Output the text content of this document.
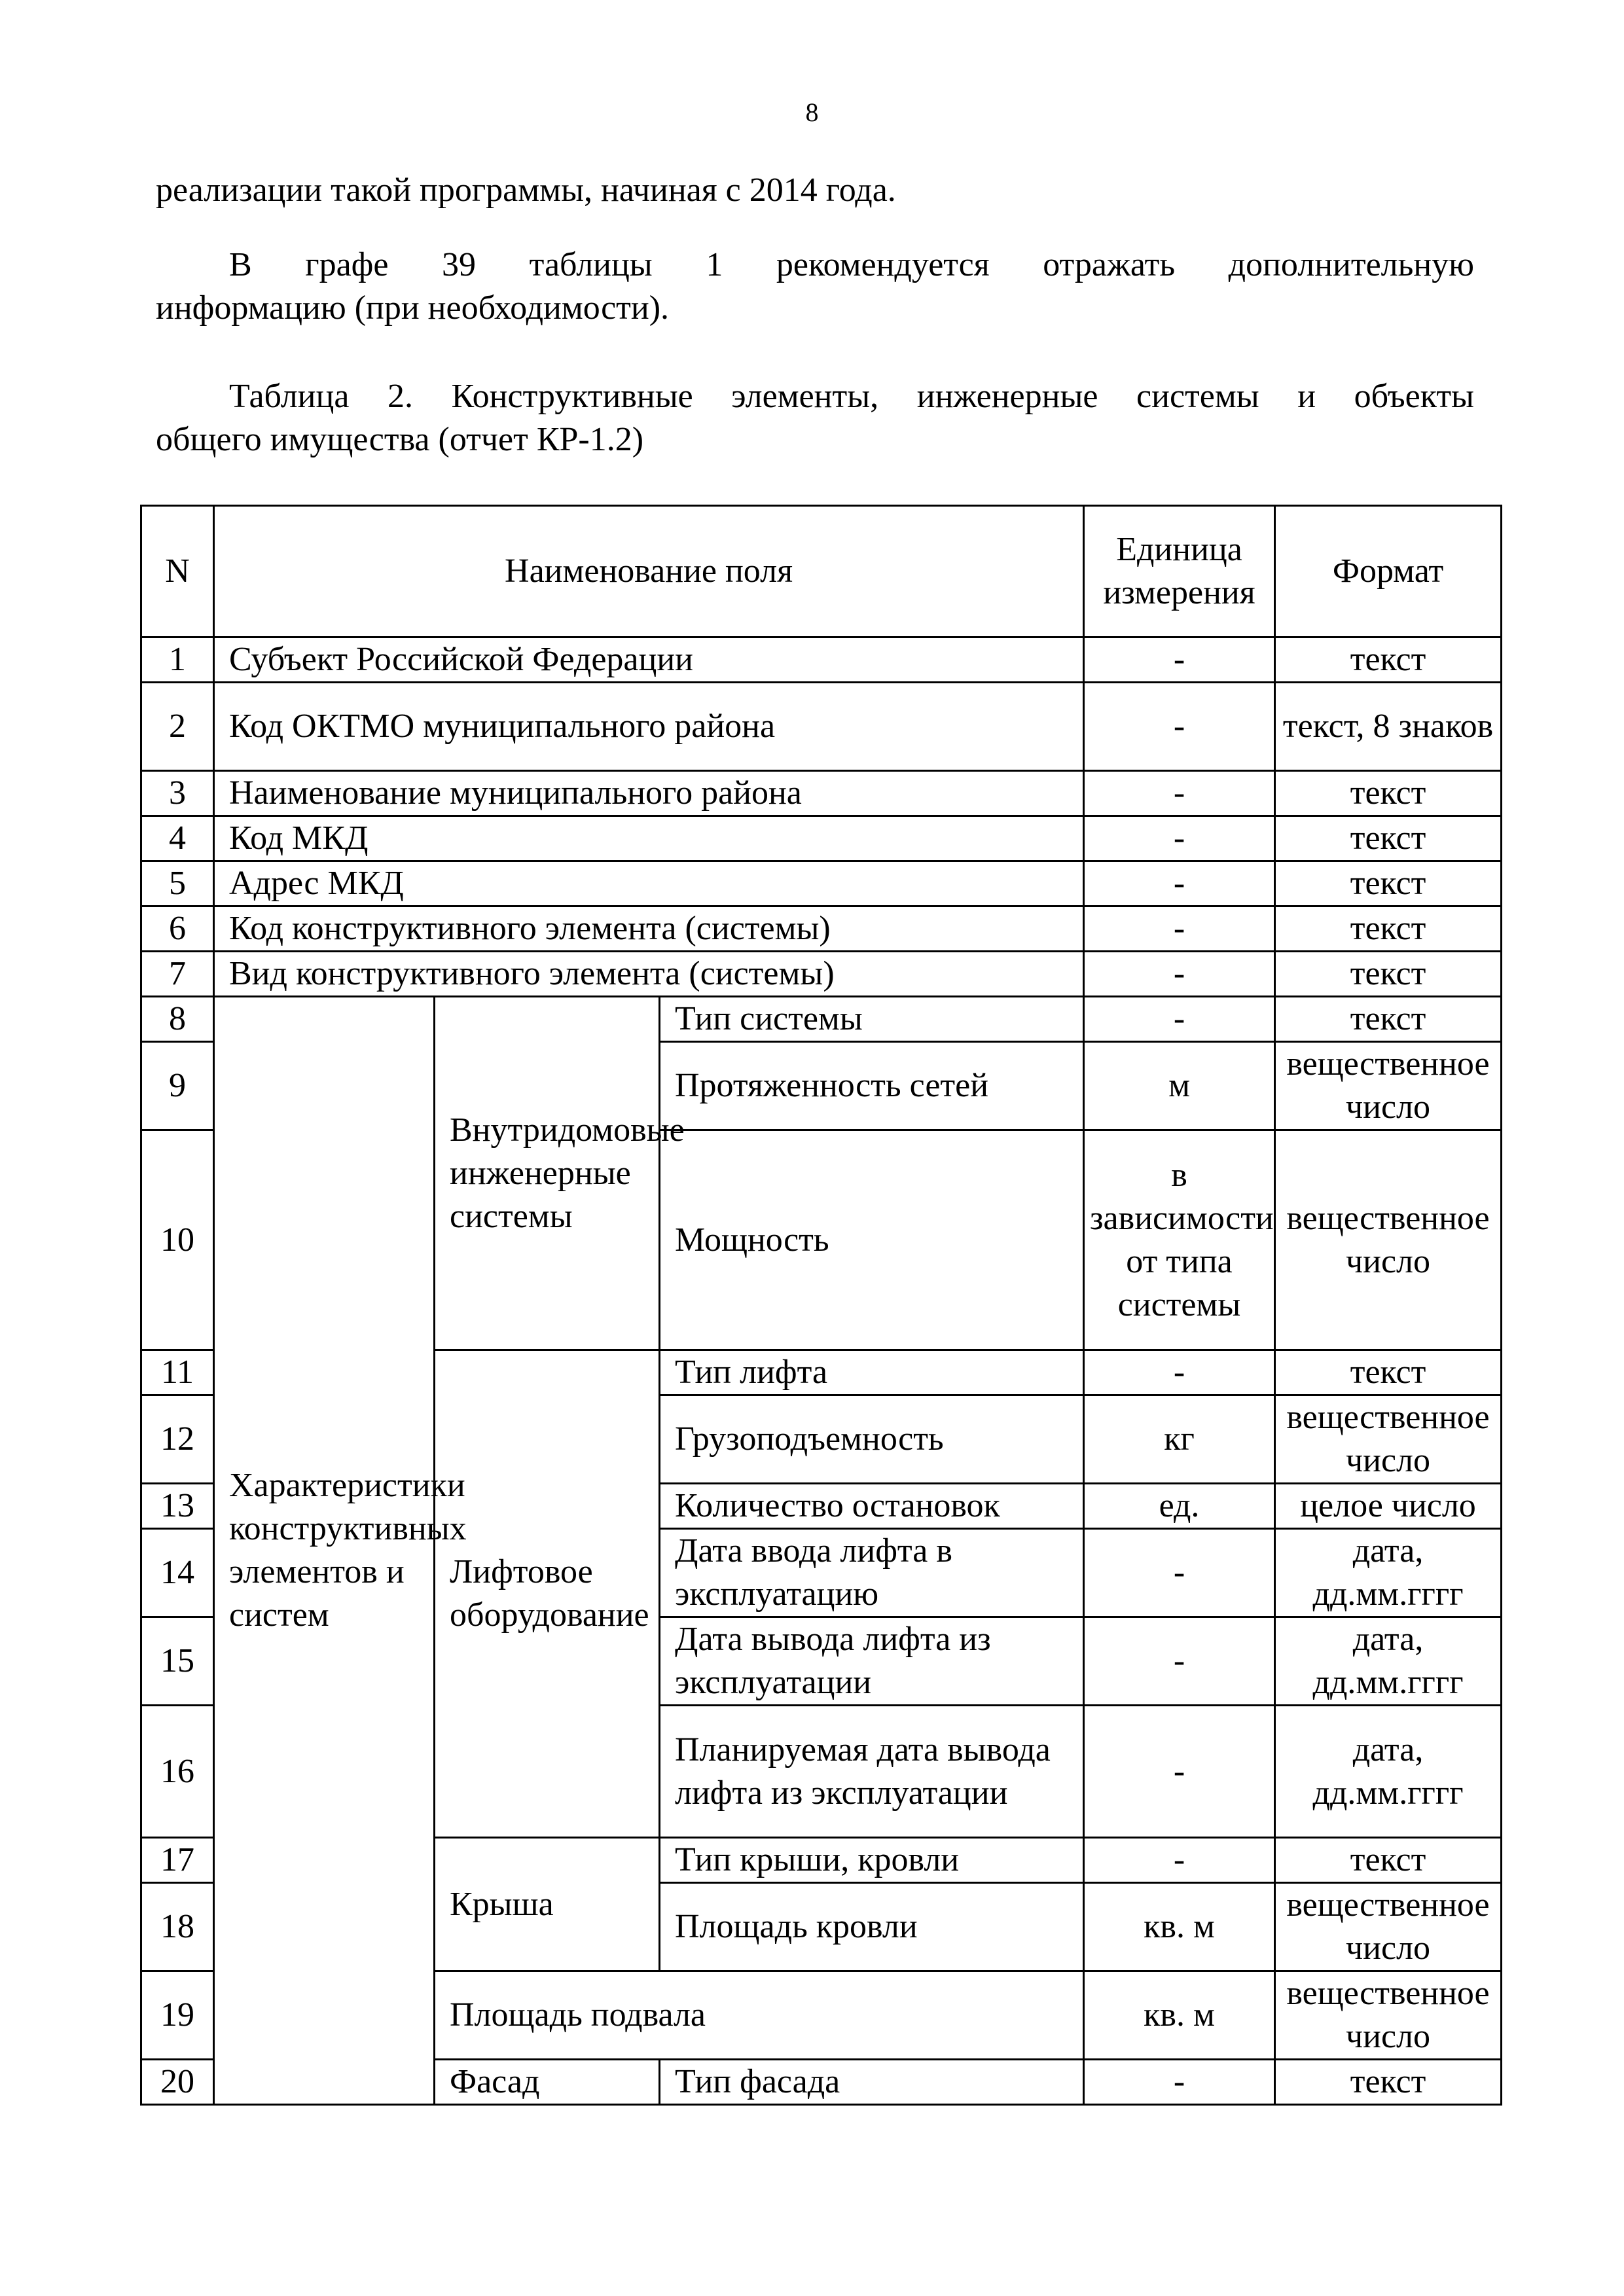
8

реализации такой программы, начиная с 2014 года.

В графе 39 таблицы 1 рекомендуется отражать дополнительную

информацию (при необходимости).

Таблица 2. Конструктивные элементы, инженерные системы и объекты

общего имущества (отчет КР-1.2)

N	Наименование поля			Единица измерения	Формат
1	Субъект Российской Федерации			-	текст
2	Код ОКТМО муниципального района			-	текст, 8 знаков
3	Наименование муниципального района			-	текст
4	Код МКД			-	текст
5	Адрес МКД			-	текст
6	Код конструктивного элемента (системы)			-	текст
7	Вид конструктивного элемента (системы)			-	текст
8	Характеристики конструктивных элементов и систем	Внутридомовые инженерные системы	Тип системы	-	текст
9			Протяженность сетей	м	вещественное число
10			Мощность	в зависимости от типа системы	вещественное число
11		Лифтовое оборудование	Тип лифта	-	текст
12			Грузоподъемность	кг	вещественное число
13			Количество остановок	ед.	целое число
14			Дата ввода лифта в эксплуатацию	-	дата, дд.мм.гггг
15			Дата вывода лифта из эксплуатации	-	дата, дд.мм.гггг
16			Планируемая дата вывода лифта из эксплуатации	-	дата, дд.мм.гггг
17		Крыша	Тип крыши, кровли	-	текст
18			Площадь кровли	кв. м	вещественное число
19		Площадь подвала		кв. м	вещественное число
20		Фасад	Тип фасада	-	текст
